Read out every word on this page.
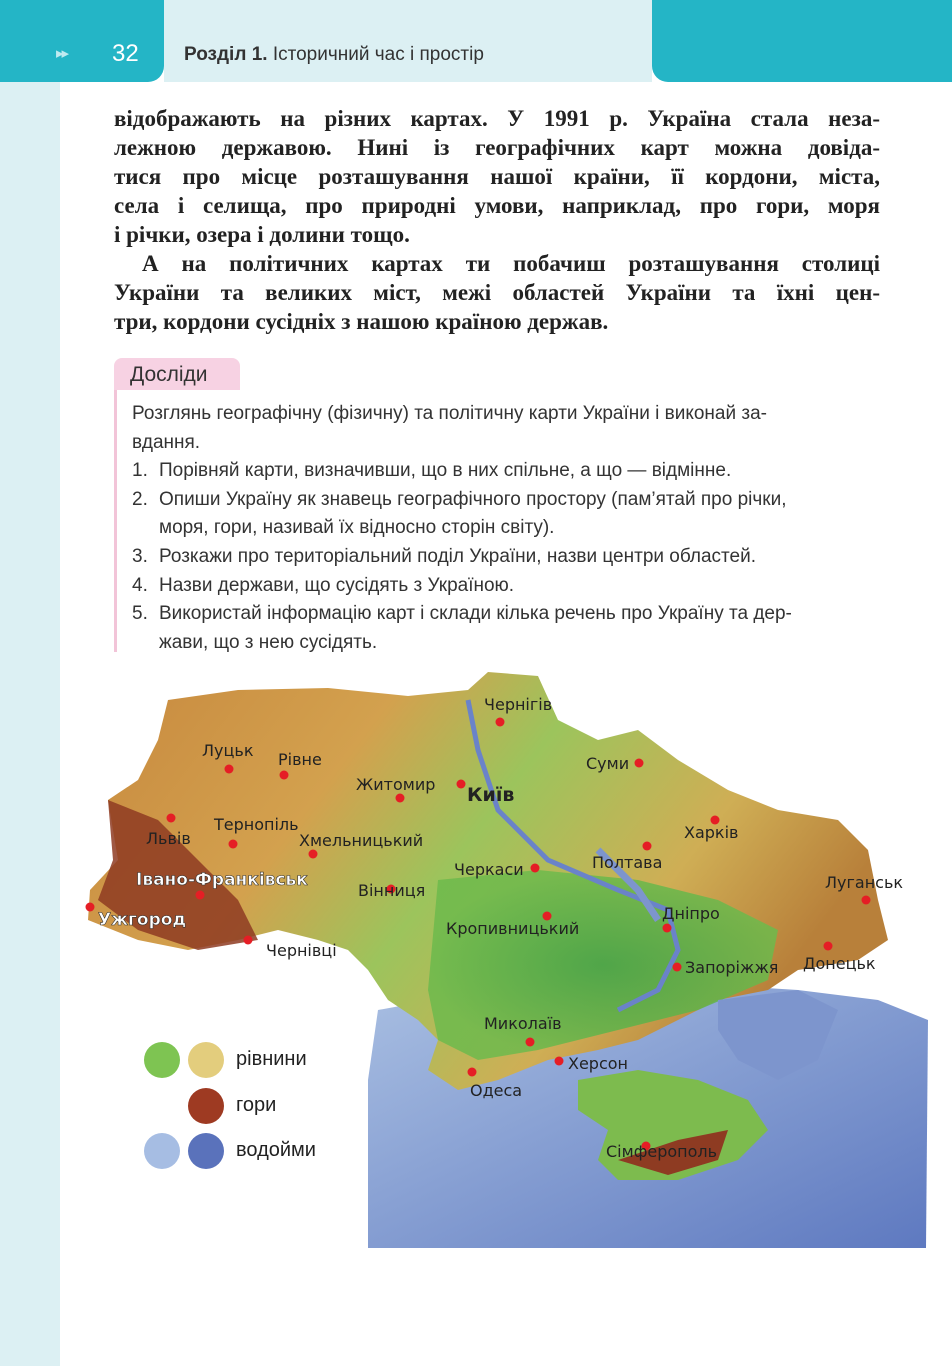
▸▸ 32 Розділ 1. Історичний час і простір
відображають на різних картах. У 1991 р. Україна стала неза-
лежною державою. Нині із географічних карт можна довіда-
тися про місце розташування нашої країни, її кордони, міста,
села і селища, про природні умови, наприклад, про гори, моря
і річки, озера і долини тощо.
А на політичних картах ти побачиш розташування столиці
України та великих міст, межі областей України та їхні цен-
три, кордони сусідніх з нашою країною держав.
Досліди
Розглянь географічну (фізичну) та політичну карти України і виконай за-
вдання.
1. Порівняй карти, визначивши, що в них спільне, а що — відмінне.
2. Опиши Україну як знавець географічного простору (пам’ятай про річки,
моря, гори, називай їх відносно сторін світу).
3. Розкажи про територіальний поділ України, назви центри областей.
4. Назви держави, що сусідять з Україною.
5. Використай інформацію карт і склади кілька речень про Україну та дер-
жави, що з нею сусідять.
Чернігів
Луцьк Рівне
Житомир Київ
Суми
Львів
Тернопіль
Хмельницький	Харків
Полтава
Черкаси
Луганськ
Івано-Франківськ
Вінниця
Ужгород	Дніпро
Кропивницький
Чернівці
Запоріжжя Донецьк
Миколаїв
Херсон
Одеса
Сімферополь
рівнини
гори
водойми
